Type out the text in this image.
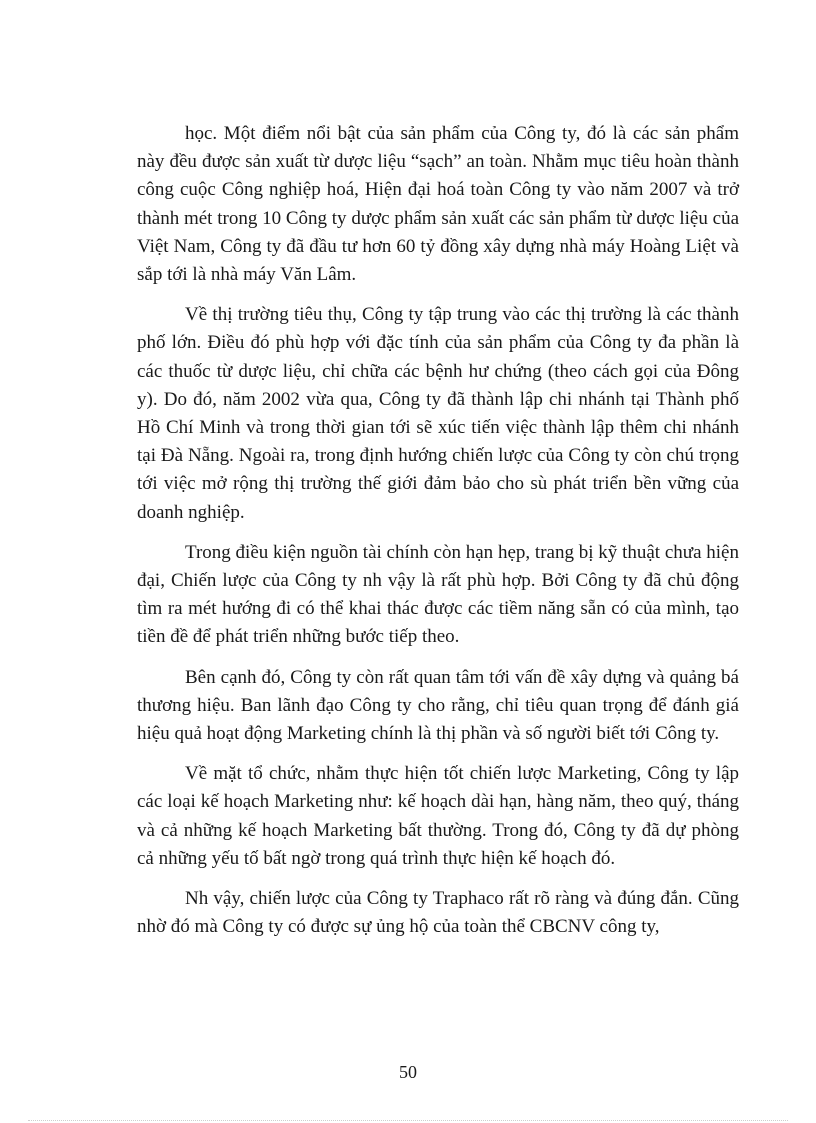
học. Một điểm nổi bật của sản phẩm của Công ty, đó là các sản phẩm này đều được sản xuất từ dược liệu “sạch” an toàn. Nhằm mục tiêu hoàn thành công cuộc Công nghiệp hoá, Hiện đại hoá toàn Công ty vào năm 2007 và trở thành mét trong 10 Công ty dược phẩm sản xuất các sản phẩm từ dược liệu của Việt Nam, Công ty đã đầu tư hơn 60 tỷ đồng xây dựng nhà máy Hoàng Liệt và sắp tới là nhà máy Văn Lâm.

Về thị trường tiêu thụ, Công ty tập trung vào các thị trường là các thành phố lớn. Điều đó phù hợp với đặc tính của sản phẩm của Công ty đa phần là các thuốc từ dược liệu, chỉ chữa các bệnh hư chứng (theo cách gọi của Đông y). Do đó, năm 2002 vừa qua, Công ty đã thành lập chi nhánh tại Thành phố Hồ Chí Minh và trong thời gian tới sẽ xúc tiến việc thành lập thêm chi nhánh tại Đà Nẵng. Ngoài ra, trong định hướng chiến lược của Công ty còn chú trọng tới việc mở rộng thị trường thế giới đảm bảo cho sù phát triển bền vững của doanh nghiệp.

Trong điều kiện nguồn tài chính còn hạn hẹp, trang bị kỹ thuật chưa hiện đại, Chiến lược của Công ty nh vậy là rất phù hợp. Bởi Công ty đã chủ động tìm ra mét hướng đi có thể khai thác được các tiềm năng sẵn có của mình, tạo tiền đề để phát triển những bước tiếp theo.

Bên cạnh đó, Công ty còn rất quan tâm tới vấn đề xây dựng và quảng bá thương hiệu. Ban lãnh đạo Công ty cho rằng, chỉ tiêu quan trọng để đánh giá hiệu quả hoạt động Marketing chính là thị phần và số người biết tới Công ty.

Về mặt tổ chức, nhằm thực hiện tốt chiến lược Marketing, Công ty lập các loại kế hoạch Marketing như: kế hoạch dài hạn, hàng năm, theo quý, tháng và cả những kế hoạch Marketing bất thường. Trong đó, Công ty đã dự phòng cả những yếu tố bất ngờ trong quá trình thực hiện kế hoạch đó.

Nh vậy, chiến lược của Công ty Traphaco rất rõ ràng và đúng đắn. Cũng nhờ đó mà Công ty có được sự ủng hộ của toàn thể CBCNV công ty,

50
